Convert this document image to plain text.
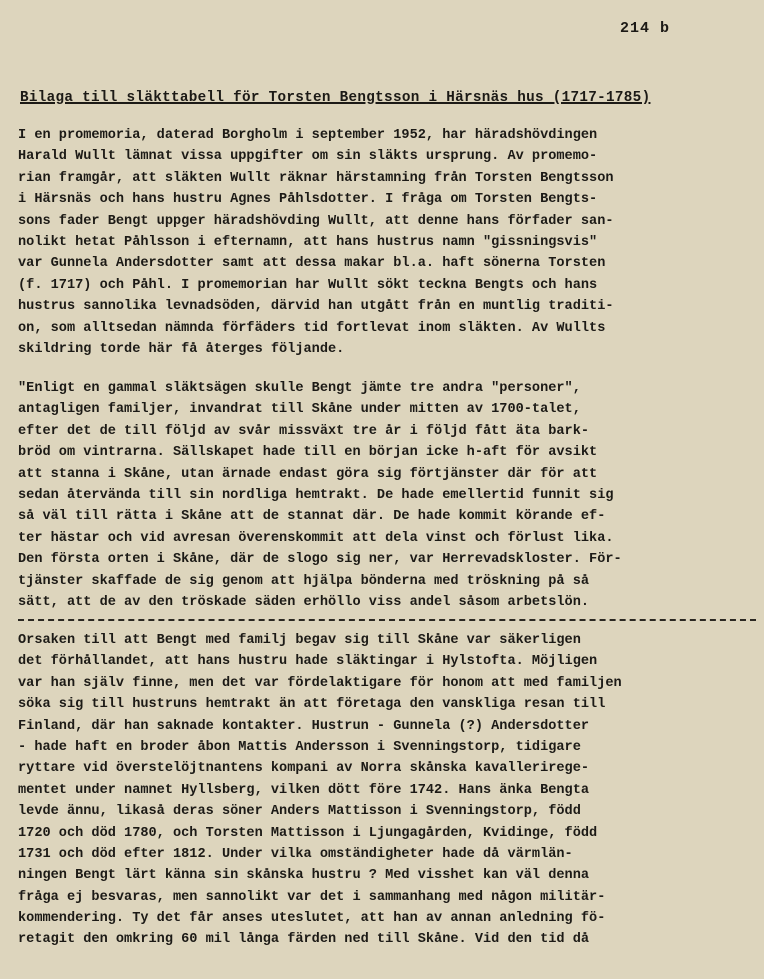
214 b
Bilaga till släkttabell för Torsten Bengtsson i Härsnäs hus (1717-1785)
I en promemoria, daterad Borgholm i september 1952, har häradshövdingen
Harald Wullt lämnat vissa uppgifter om sin släkts ursprung. Av promemo-
rian framgår, att släkten Wullt räknar härstamning från Torsten Bengtsson
i Härsnäs och hans hustru Agnes Påhlsdotter. I fråga om Torsten Bengts-
sons fader Bengt uppger häradshövding Wullt, att denne hans förfader san-
nolikt hetat Påhlsson i efternamn, att hans hustrus namn "gissningsvis"
var Gunnela Andersdotter samt att dessa makar bl.a. haft sönerna Torsten
(f. 1717) och Påhl. I promemorian har Wullt sökt teckna Bengts och hans
hustrus sannolika levnadsöden, därvid han utgått från en muntlig traditi-
on, som alltsedan nämnda förfäders tid fortlevat inom släkten. Av Wullts
skildring torde här få återges följande.
"Enligt en gammal släktsägen skulle Bengt jämte tre andra "personer",
antagligen familjer, invandrat till Skåne under mitten av 1700-talet,
efter det de till följd av svår missväxt tre år i följd fått äta bark-
bröd om vintrarna. Sällskapet hade till en början icke h-aft för avsikt
att stanna i Skåne, utan ärnade endast göra sig förtjänster där för att
sedan återvända till sin nordliga hemtrakt. De hade emellertid funnit sig
så väl till rätta i Skåne att de stannat där. De hade kommit körande ef-
ter hästar och vid avresan överenskommit att dela vinst och förlust lika.
Den första orten i Skåne, där de slogo sig ner, var Herrevadskloster. För-
tjänster skaffade de sig genom att hjälpa bönderna med tröskning på så
sätt, att de av den tröskade säden erhöllo viss andel såsom arbetslön.
Orsaken till att Bengt med familj begav sig till Skåne var säkerligen
det förhållandet, att hans hustru hade släktingar i Hylstofta. Möjligen
var han själv finne, men det var fördelaktigare för honom att med familjen
söka sig till hustruns hemtrakt än att företaga den vanskliga resan till
Finland, där han saknade kontakter. Hustrun - Gunnela (?) Andersdotter
- hade haft en broder åbon Mattis Andersson i Svenningstorp, tidigare
ryttare vid överstelöjtnantens kompani av Norra skånska kavalleriregе-
mentet under namnet Hyllsberg, vilken dött före 1742. Hans änka Bengta
levde ännu, likaså deras söner Anders Mattisson i Svenningstorp, född
1720 och död 1780, och Torsten Mattisson i Ljungagården, Kvidinge, född
1731 och död efter 1812. Under vilka omständigheter hade då värmlän-
ningen Bengt lärt känna sin skånska hustru ? Med visshet kan väl denna
fråga ej besvaras, men sannolikt var det i sammanhang med någon militär-
kommendering. Ty det får anses uteslutet, att han av annan anledning fö-
retagit den omkring 60 mil långa färden ned till Skåne. Vid den tid då
